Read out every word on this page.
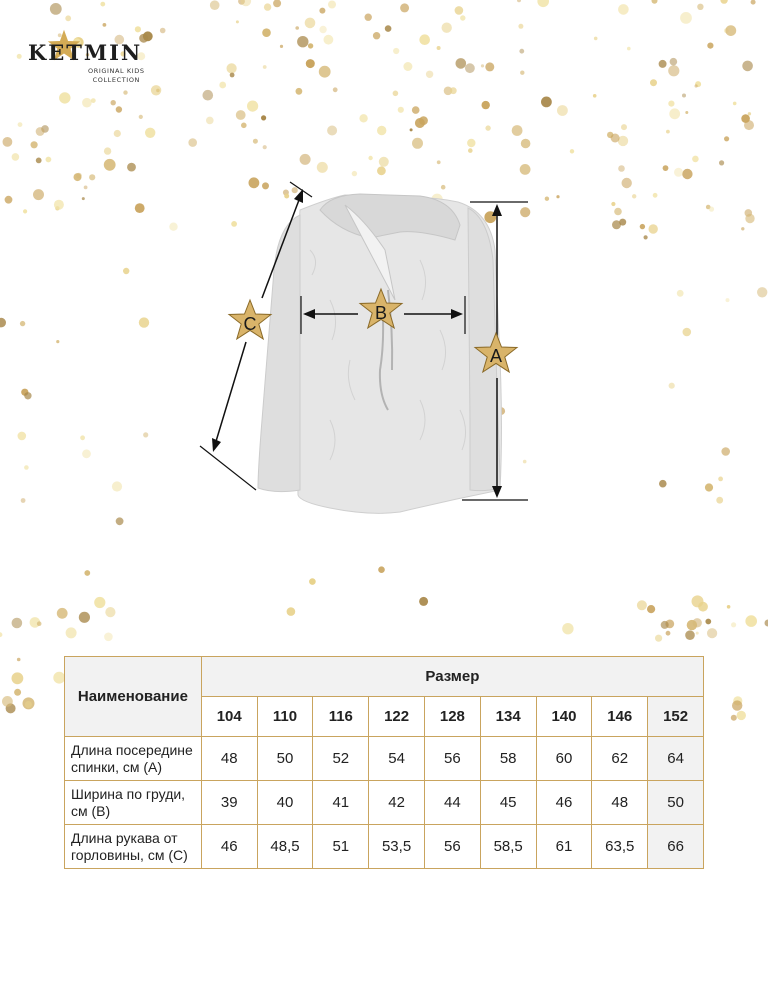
KETMIN
ORIGINAL KIDS
COLLECTION
A
B
C
Наименование	Размер								
	104	110	116	122	128	134	140	146	152
Длина посередине спинки, см (А)	48	50	52	54	56	58	60	62	64
Ширина по груди, см (В)	39	40	41	42	44	45	46	48	50
Длина рукава от горловины, см (С)	46	48,5	51	53,5	56	58,5	61	63,5	66
